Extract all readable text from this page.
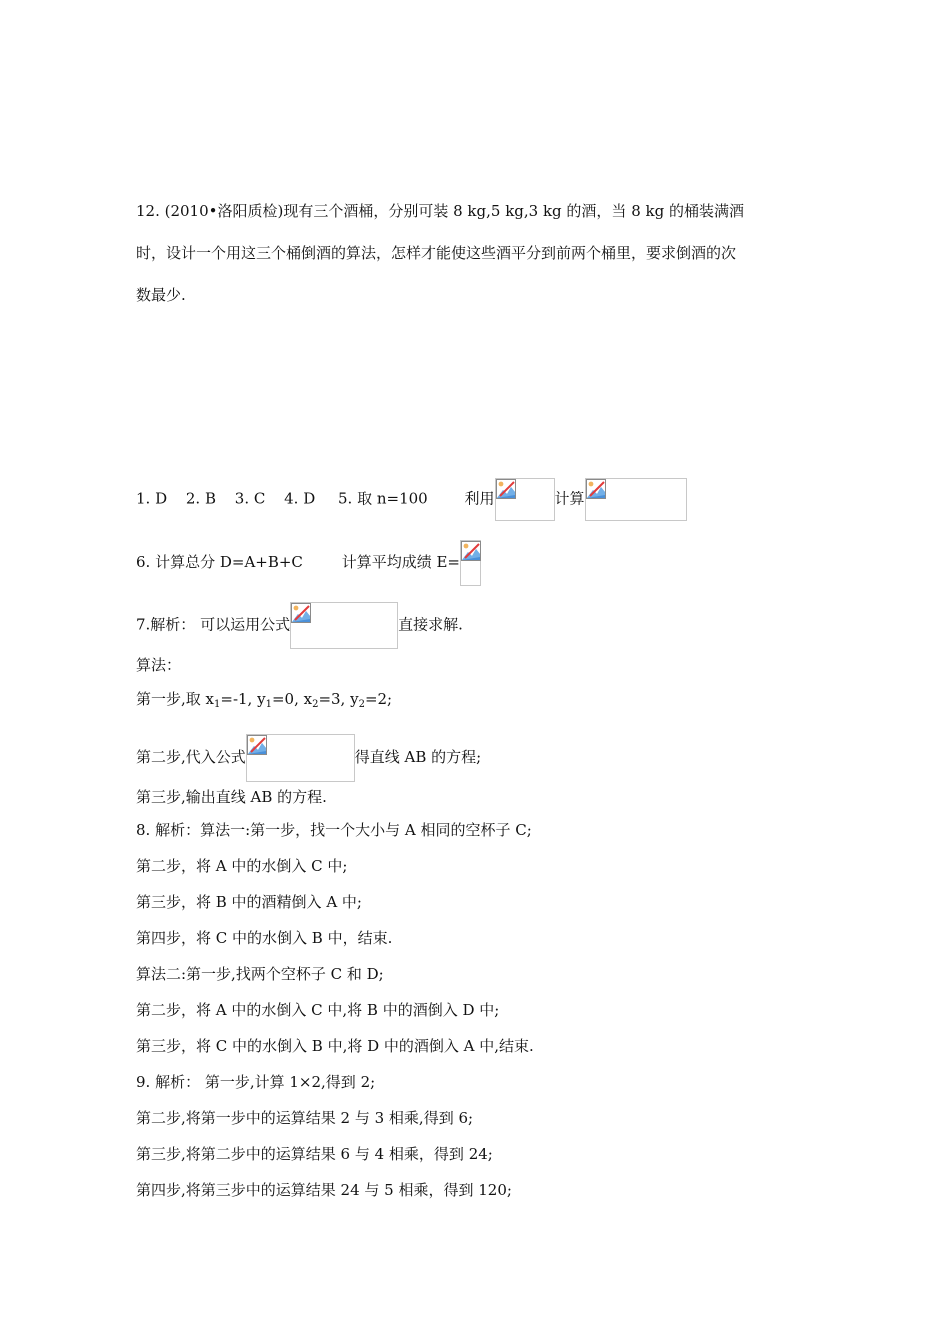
12. (2010•洛阳质检)现有三个酒桶，分别可装 8 kg,5 kg,3 kg 的酒，当 8 kg 的桶装满酒
时，设计一个用这三个桶倒酒的算法，怎样才能使这些酒平分到前两个桶里，要求倒酒的次
数最少.
1. D 2. B 3. C 4. D 5. 取 n=100 利用	计算
6. 计算总分 D=A+B+C	计算平均成绩 E=
7.解析： 可以运用公式	直接求解.
算法：
第一步,取 $x_1=-1$, $y_1=0$, $x_2=3$, $y_2=2$;
第二步,代入公式	得直线 AB 的方程;
第三步,输出直线 AB 的方程.
8. 解析：算法一:第一步，找一个大小与 A 相同的空杯子 C;
第二步，将 A 中的水倒入 C 中;
第三步，将 B 中的酒精倒入 A 中;
第四步，将 C 中的水倒入 B 中，结束.
算法二:第一步,找两个空杯子 C 和 D;
第二步，将 A 中的水倒入 C 中,将 B 中的酒倒入 D 中;
第三步，将 C 中的水倒入 B 中,将 D 中的酒倒入 A 中,结束.
9. 解析： 第一步,计算 1×2,得到 2;
第二步,将第一步中的运算结果 2 与 3 相乘,得到 6;
第三步,将第二步中的运算结果 6 与 4 相乘，得到 24;
第四步,将第三步中的运算结果 24 与 5 相乘，得到 120;
